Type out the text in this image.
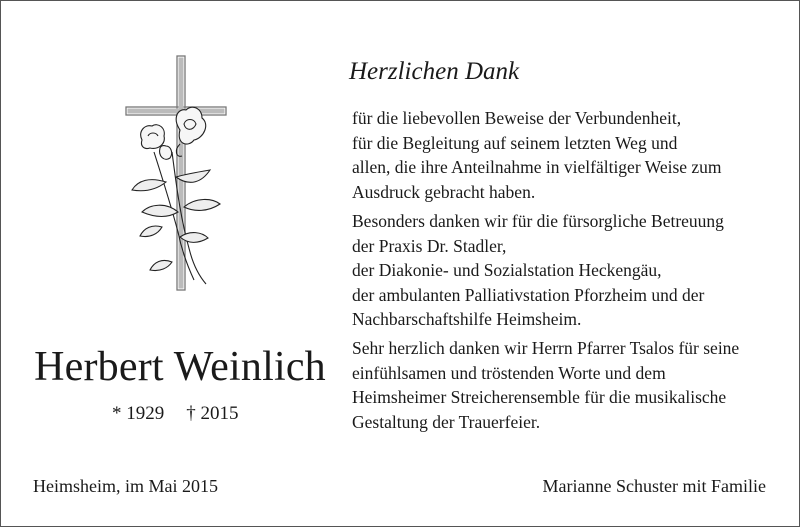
Herzlichen Dank
für die liebevollen Beweise der Verbundenheit,
für die Begleitung auf seinem letzten Weg und
allen, die ihre Anteilnahme in vielfältiger Weise zum
Ausdruck gebracht haben.
Besonders danken wir für die fürsorgliche Betreuung
der Praxis Dr. Stadler,
der Diakonie- und Sozialstation Heckengäu,
der ambulanten Palliativstation Pforzheim und der
Nachbarschaftshilfe Heimsheim.
Sehr herzlich danken wir Herrn Pfarrer Tsalos für seine
einfühlsamen und tröstenden Worte und dem
Heimsheimer Streicherensemble für die musikalische
Gestaltung der Trauerfeier.
Herbert Weinlich
* 1929 † 2015
Heimsheim, im Mai 2015	Marianne Schuster mit Familie
